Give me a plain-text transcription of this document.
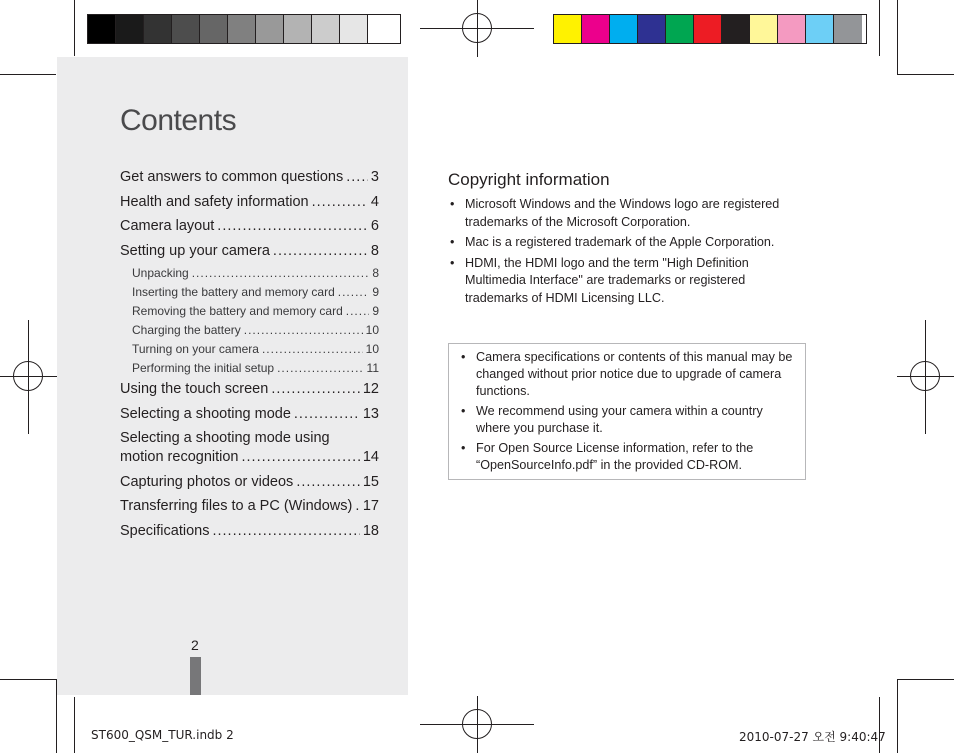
Contents
Get answers to common questions ..... 3
Health and safety information .....	4
Camera layout .....	6
Setting up your camera .....	8
Unpacking .....	8
Inserting the battery and memory card .....	9
Removing the battery and memory card ..... 9
Charging the battery .....	10
Turning on your camera .....	10
Performing the initial setup .....	11
Using the touch screen .....	12
Selecting a shooting mode .....	13
Selecting a shooting mode using
motion recognition .....	14
Capturing photos or videos .....	15
Transferring files to a PC (Windows) ..... 17
Specifications .....	18
2
Copyright information
• Microsoft Windows and the Windows logo are registered trademarks of the Microsoft Corporation.
• Mac is a registered trademark of the Apple Corporation.
• HDMI, the HDMI logo and the term "High Definition Multimedia Interface" are trademarks or registered trademarks of HDMI Licensing LLC.
• Camera specifications or contents of this manual may be changed without prior notice due to upgrade of camera functions.
• We recommend using your camera within a country where you purchase it.
• For Open Source License information, refer to the “OpenSourceInfo.pdf” in the provided CD-ROM.
ST600_QSM_TUR.indb 2	2010-07-27 오전 9:40:47
